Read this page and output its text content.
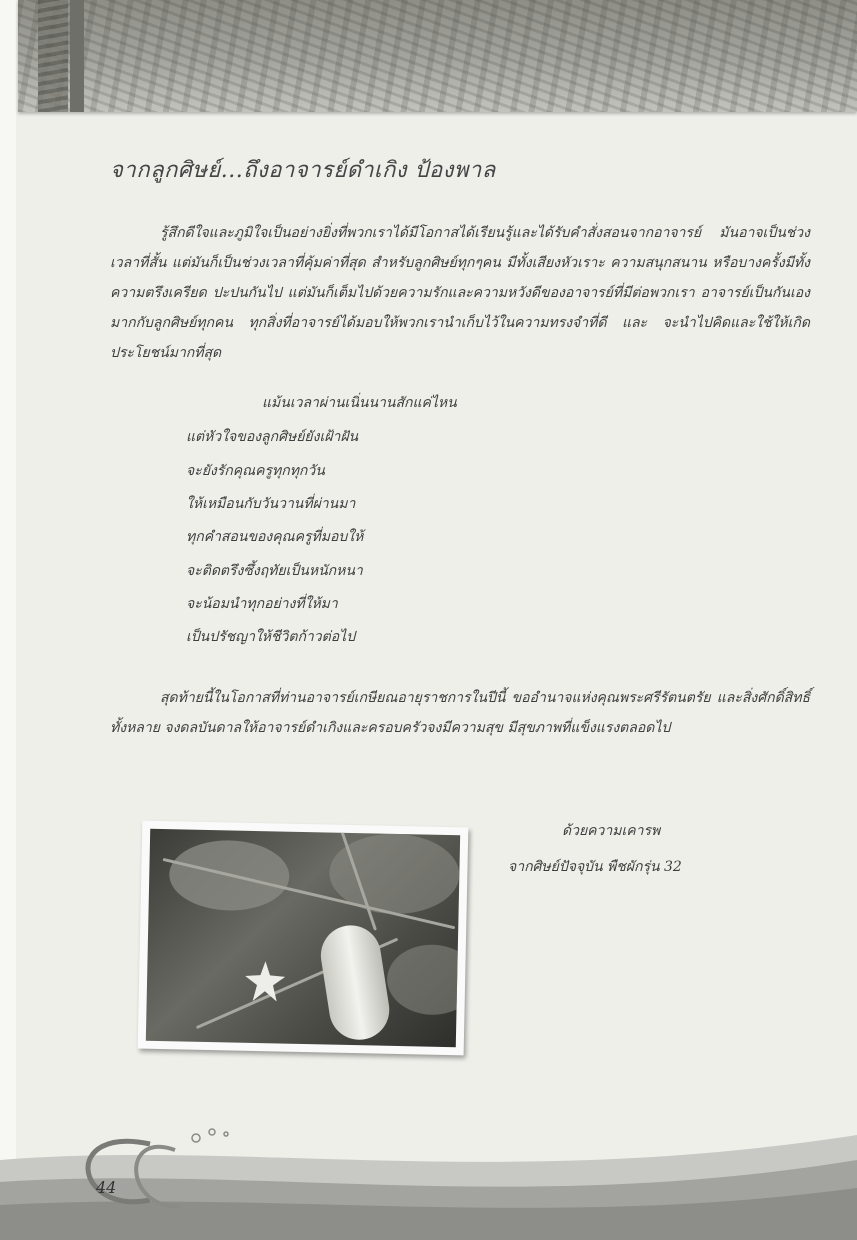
จากลูกศิษย์...ถึงอาจารย์ดำเกิง ป้องพาล
รู้สึกดีใจและภูมิใจเป็นอย่างยิ่งที่พวกเราได้มีโอกาสได้เรียนรู้และได้รับคำสั่งสอนจากอาจารย์ มันอาจเป็นช่วงเวลาที่สั้น แต่มันก็เป็นช่วงเวลาที่คุ้มค่าที่สุด สำหรับลูกศิษย์ทุกๆคน มีทั้งเสียงหัวเราะ ความสนุกสนาน หรือบางครั้งมีทั้งความตรึงเครียด ปะปนกันไป แต่มันก็เต็มไปด้วยความรักและความหวังดีของอาจารย์ที่มีต่อพวกเรา อาจารย์เป็นกันเองมากกับลูกศิษย์ทุกคน ทุกสิ่งที่อาจารย์ได้มอบให้พวกเรานำเก็บไว้ในความทรงจำที่ดี และ จะนำไปคิดและใช้ให้เกิดประโยชน์มากที่สุด
แม้นเวลาผ่านเนิ่นนานสักแค่ไหน
แต่หัวใจของลูกศิษย์ยังเฝ้าฝัน
จะยังรักคุณครูทุกทุกวัน
ให้เหมือนกับวันวานที่ผ่านมา
ทุกคำสอนของคุณครูที่มอบให้
จะติดตรึงซึ้งฤทัยเป็นหนักหนา
จะน้อมนำทุกอย่างที่ให้มา
เป็นปรัชญาให้ชีวิตก้าวต่อไป
สุดท้ายนี้ในโอกาสที่ท่านอาจารย์เกษียณอายุราชการในปีนี้ ขออำนาจแห่งคุณพระศรีรัตนตรัย และสิ่งศักดิ์สิทธิ์ ทั้งหลาย จงดลบันดาลให้อาจารย์ดำเกิงและครอบครัวจงมีความสุข มีสุขภาพที่แข็งแรงตลอดไป
ด้วยความเคารพ
จากศิษย์ปัจจุบัน พืชผักรุ่น 32
44
